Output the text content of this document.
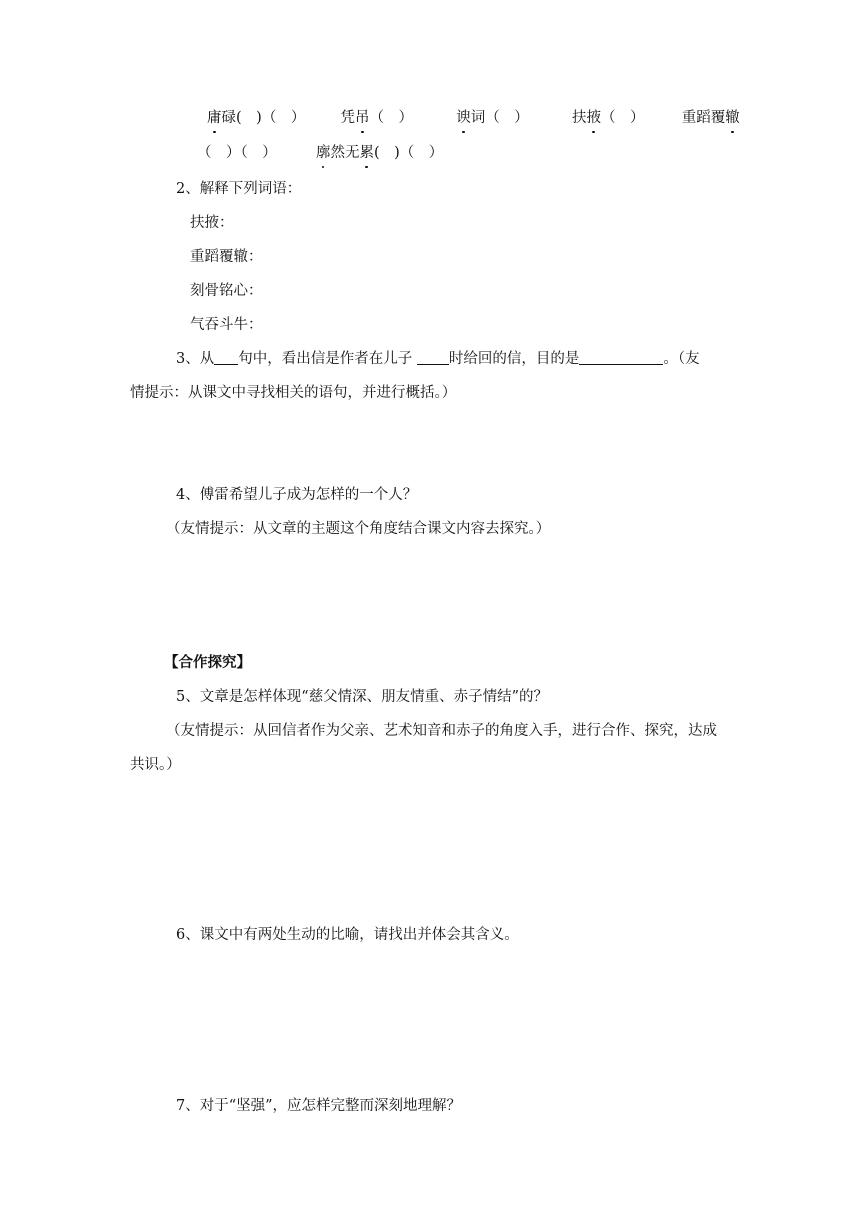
庸碌(　)（　） 凭吊（　）	谀词（　）	扶掖（　）	重蹈覆辙
（　）（　）	廓然无累(　)（　）
2、解释下列词语：
扶掖：
重蹈覆辙：
刻骨铭心：
气吞斗牛：
3、从 句中，看出信是作者在儿子	时给回的信，目的是	。（友
情提示：从课文中寻找相关的语句，并进行概括。）
4、傅雷希望儿子成为怎样的一个人？
（友情提示：从文章的主题这个角度结合课文内容去探究。）
【合作探究】
5、文章是怎样体现“慈父情深、朋友情重、赤子情结”的？
（友情提示：从回信者作为父亲、艺术知音和赤子的角度入手，进行合作、探究，达成
共识。）
6、课文中有两处生动的比喻，请找出并体会其含义。
7、对于“坚强”，应怎样完整而深刻地理解？
